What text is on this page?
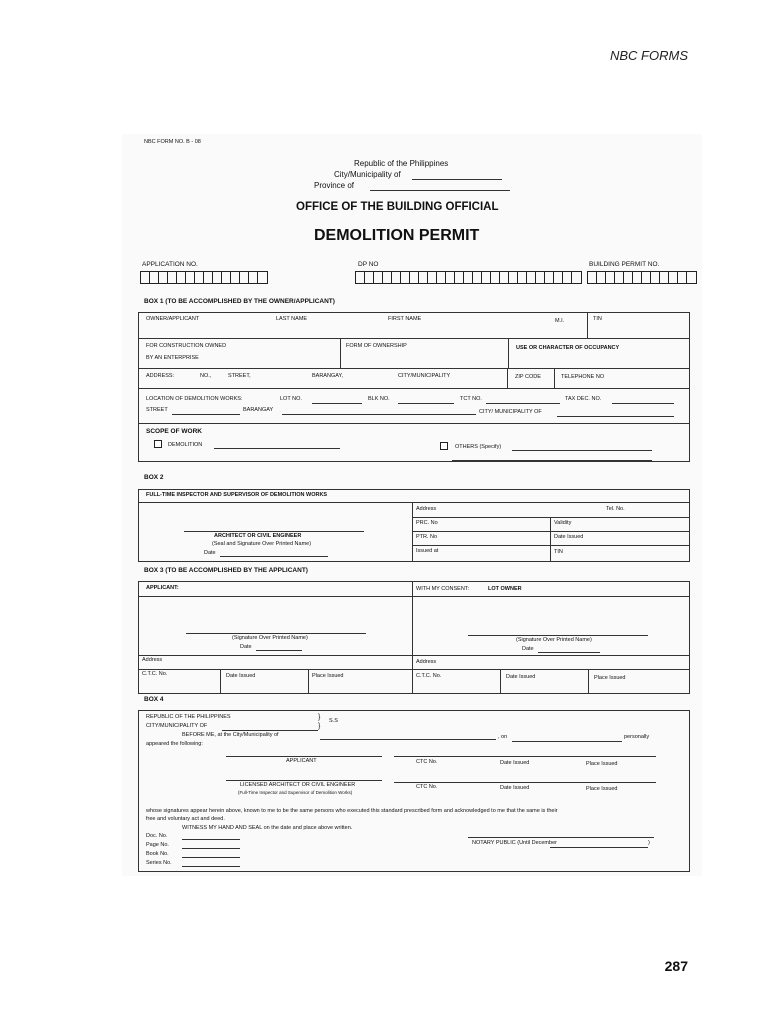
NBC FORMS
NBC FORM NO. B - 08
Republic of the Philippines
City/Municipality of
Province of
OFFICE OF THE BUILDING OFFICIAL
DEMOLITION PERMIT
APPLICATION NO.	DP NO	BUILDING PERMIT NO.
BOX 1 (TO BE ACCOMPLISHED BY THE OWNER/APPLICANT)
OWNER/APPLICANT	LAST NAME	FIRST NAME	M.I.	TIN
FOR CONSTRUCTION OWNED
BY AN ENTERPRISE
FORM OF OWNERSHIP	USE OR CHARACTER OF OCCUPANCY
ADDRESS:	NO.,	STREET,	BARANGAY,	CITY/MUNICIPALITY	ZIP CODE	TELEPHONE NO
LOCATION OF DEMOLITION WORKS:	LOT NO.	BLK NO.	TCT NO.	TAX DEC. NO.
STREET	BARANGAY	CITY/ MUNICIPALITY OF
SCOPE OF WORK
DEMOLITION	OTHERS (Specify)
BOX 2
FULL-TIME INSPECTOR AND SUPERVISOR OF DEMOLITION WORKS
ARCHITECT OR CIVIL ENGINEER
(Seal and Signature Over Printed Name)
Date
Address	Tel. No.
PRC. No	Validity
PTR. No	Date Issued
Issued at	TIN
BOX 3 (TO BE ACCOMPLISHED BY THE APPLICANT)
APPLICANT:	WITH MY CONSENT:	LOT OWNER
(Signature Over Printed Name)
Date
(Signature Over Printed Name)
Date
Address	Address
C.T.C. No.	Date Issued	Place Issued	C.T.C. No.	Date Issued	Place Issued
BOX 4
REPUBLIC OF THE PHILIPPINES
CITY/MUNICIPALITY OF
}
}
S.S
BEFORE ME, at the City/Municipality of	, on	personally
appeared the following:
APPLICANT	CTC No.	Date Issued	Place Issued
LICENSED ARCHITECT OR CIVIL ENGINEER
(Full-Time Inspector and Supervisor of Demolition Works)
CTC No.	Date Issued	Place Issued
whose signatures appear herein above, known to me to be the same persons who executed this standard prescribed form and acknowledged to me that the same is their
free and voluntary act and deed.
WITNESS MY HAND AND SEAL on the date and place above written.
Doc. No.
Page No.
Book No.
Series No.
NOTARY PUBLIC (Until December	)
287
